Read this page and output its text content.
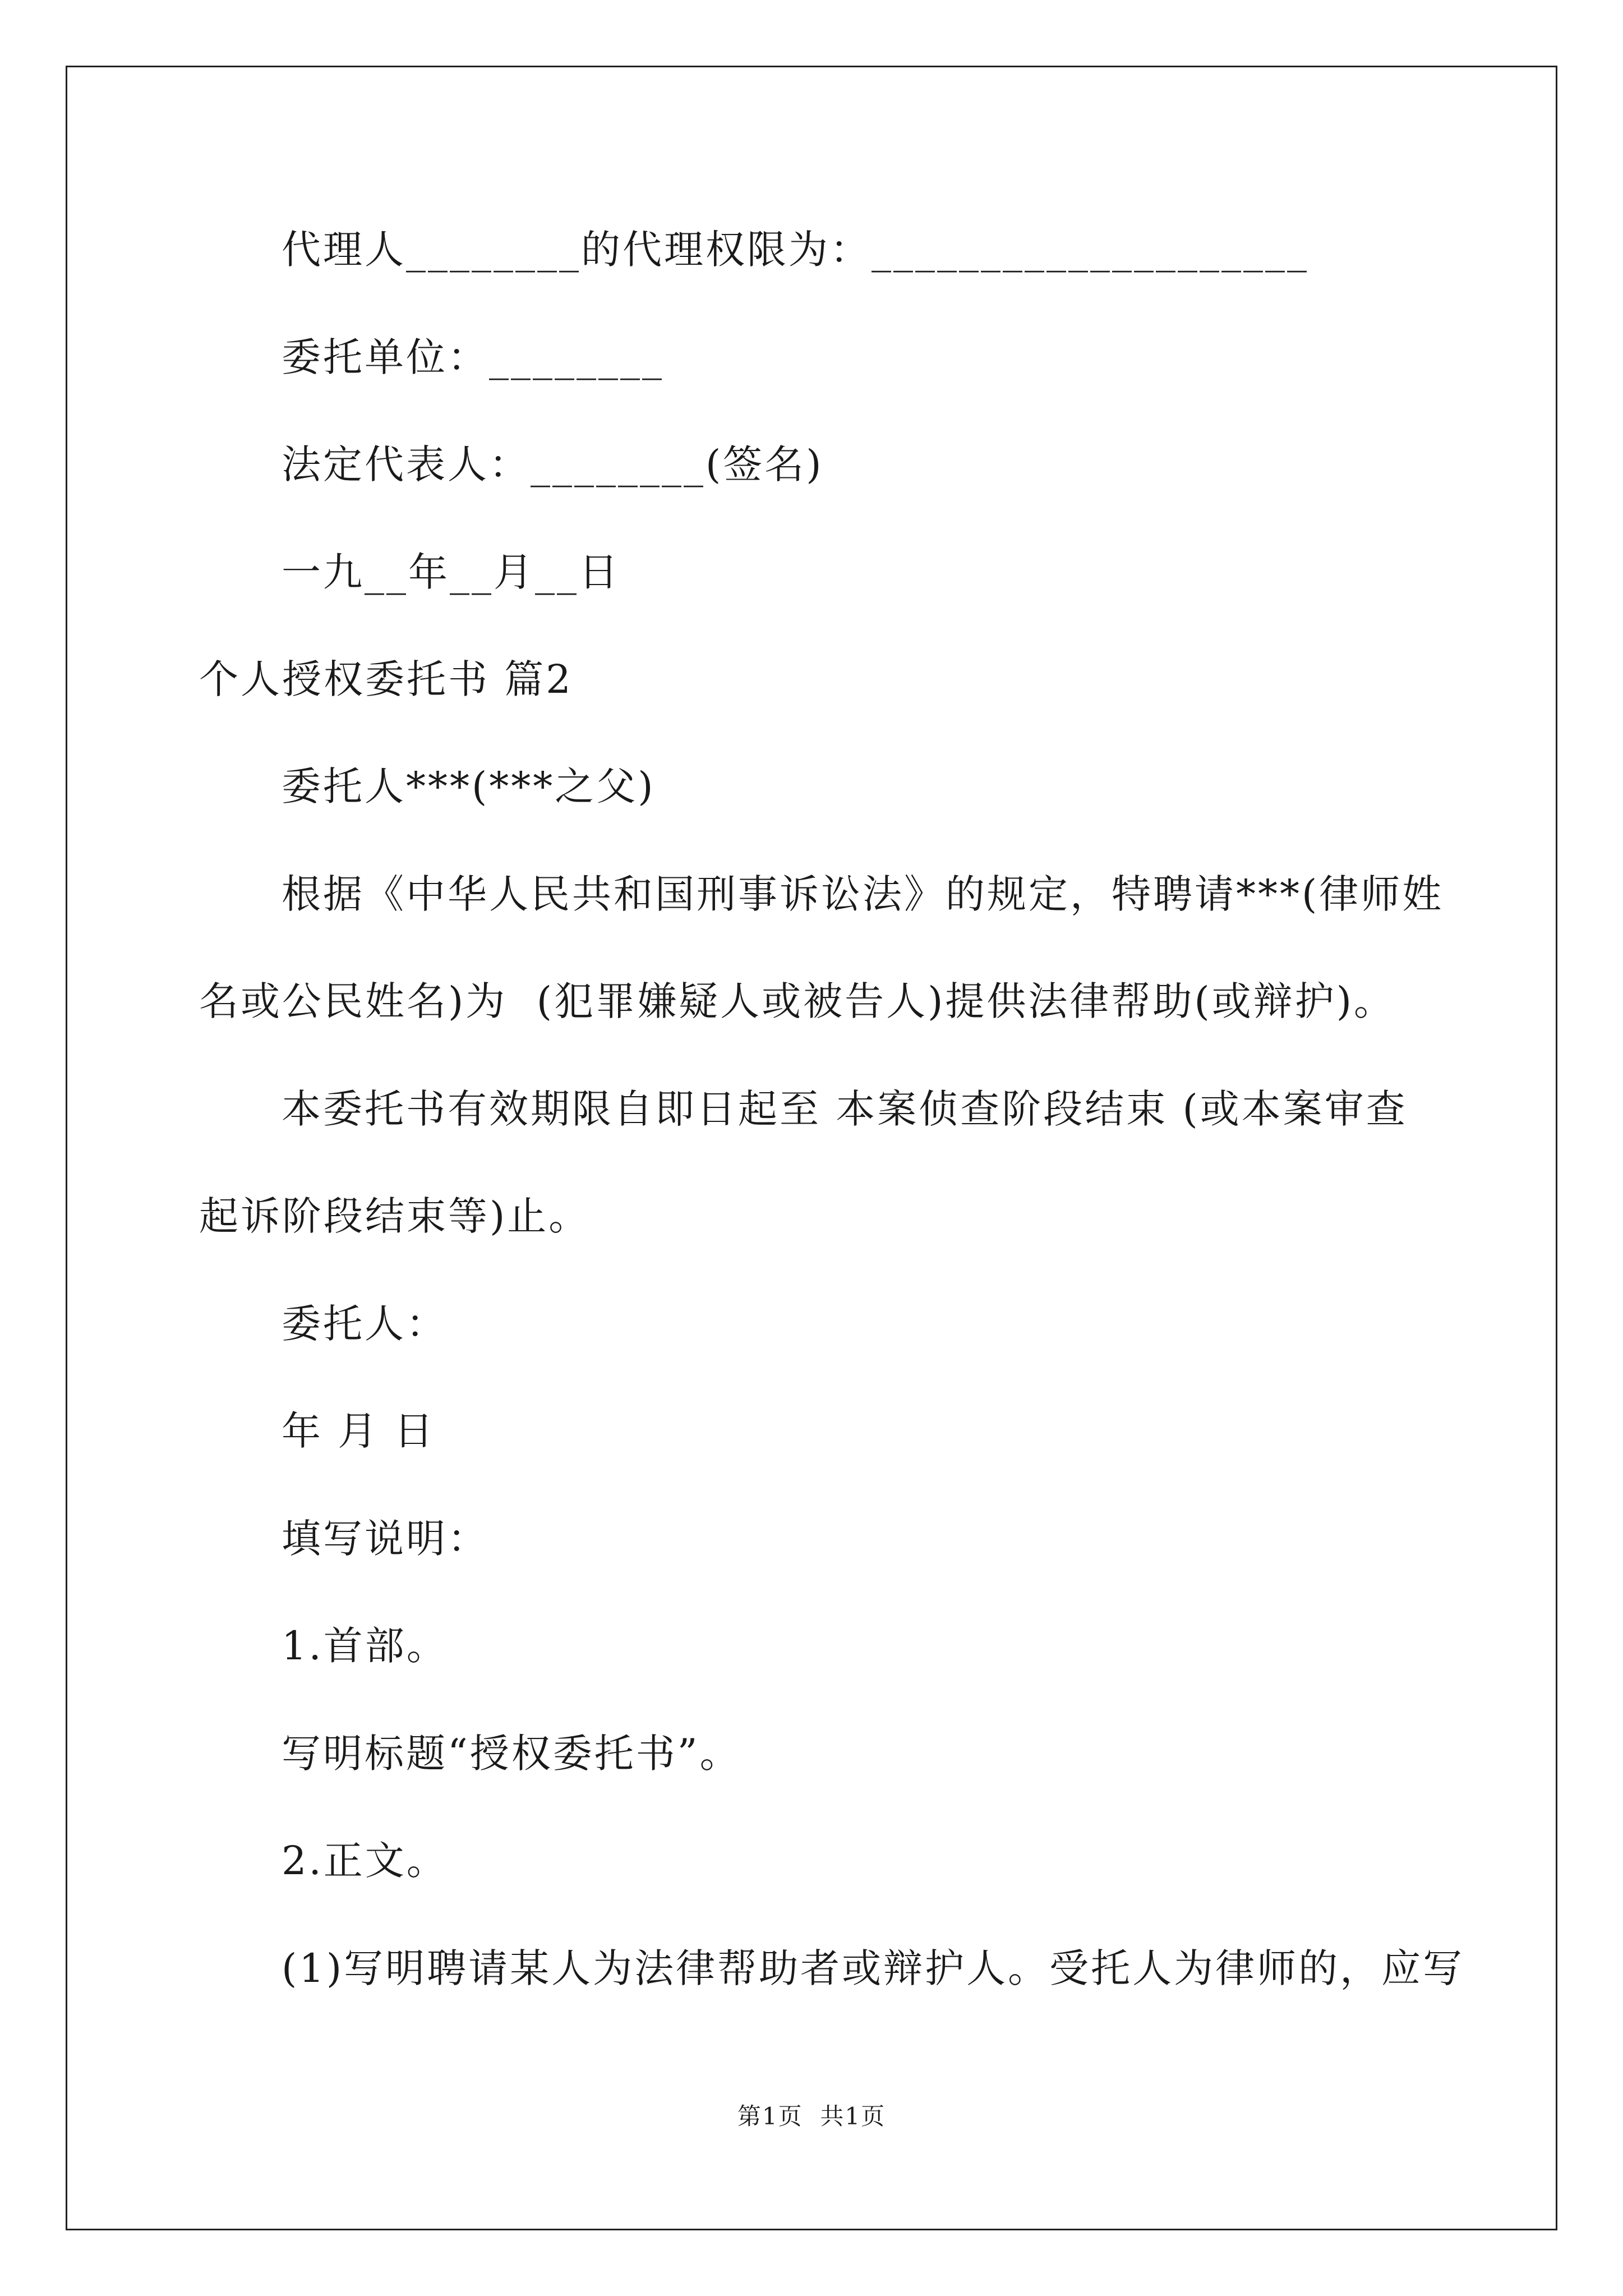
代理人________的代理权限为：____________________
委托单位：________
法定代表人：________(签名)
一九__年__月__日
个人授权委托书 篇2
委托人***(***之父)
根据《中华人民共和国刑事诉讼法》的规定，特聘请***(律师姓
名或公民姓名)为  (犯罪嫌疑人或被告人)提供法律帮助(或辩护)。
本委托书有效期限自即日起至 本案侦查阶段结束 (或本案审查
起诉阶段结束等)止。
委托人：
年 月 日
填写说明：
1.首部。
写明标题“授权委托书”。
2.正文。
(1)写明聘请某人为法律帮助者或辩护人。受托人为律师的，应写
第1页  共1页
